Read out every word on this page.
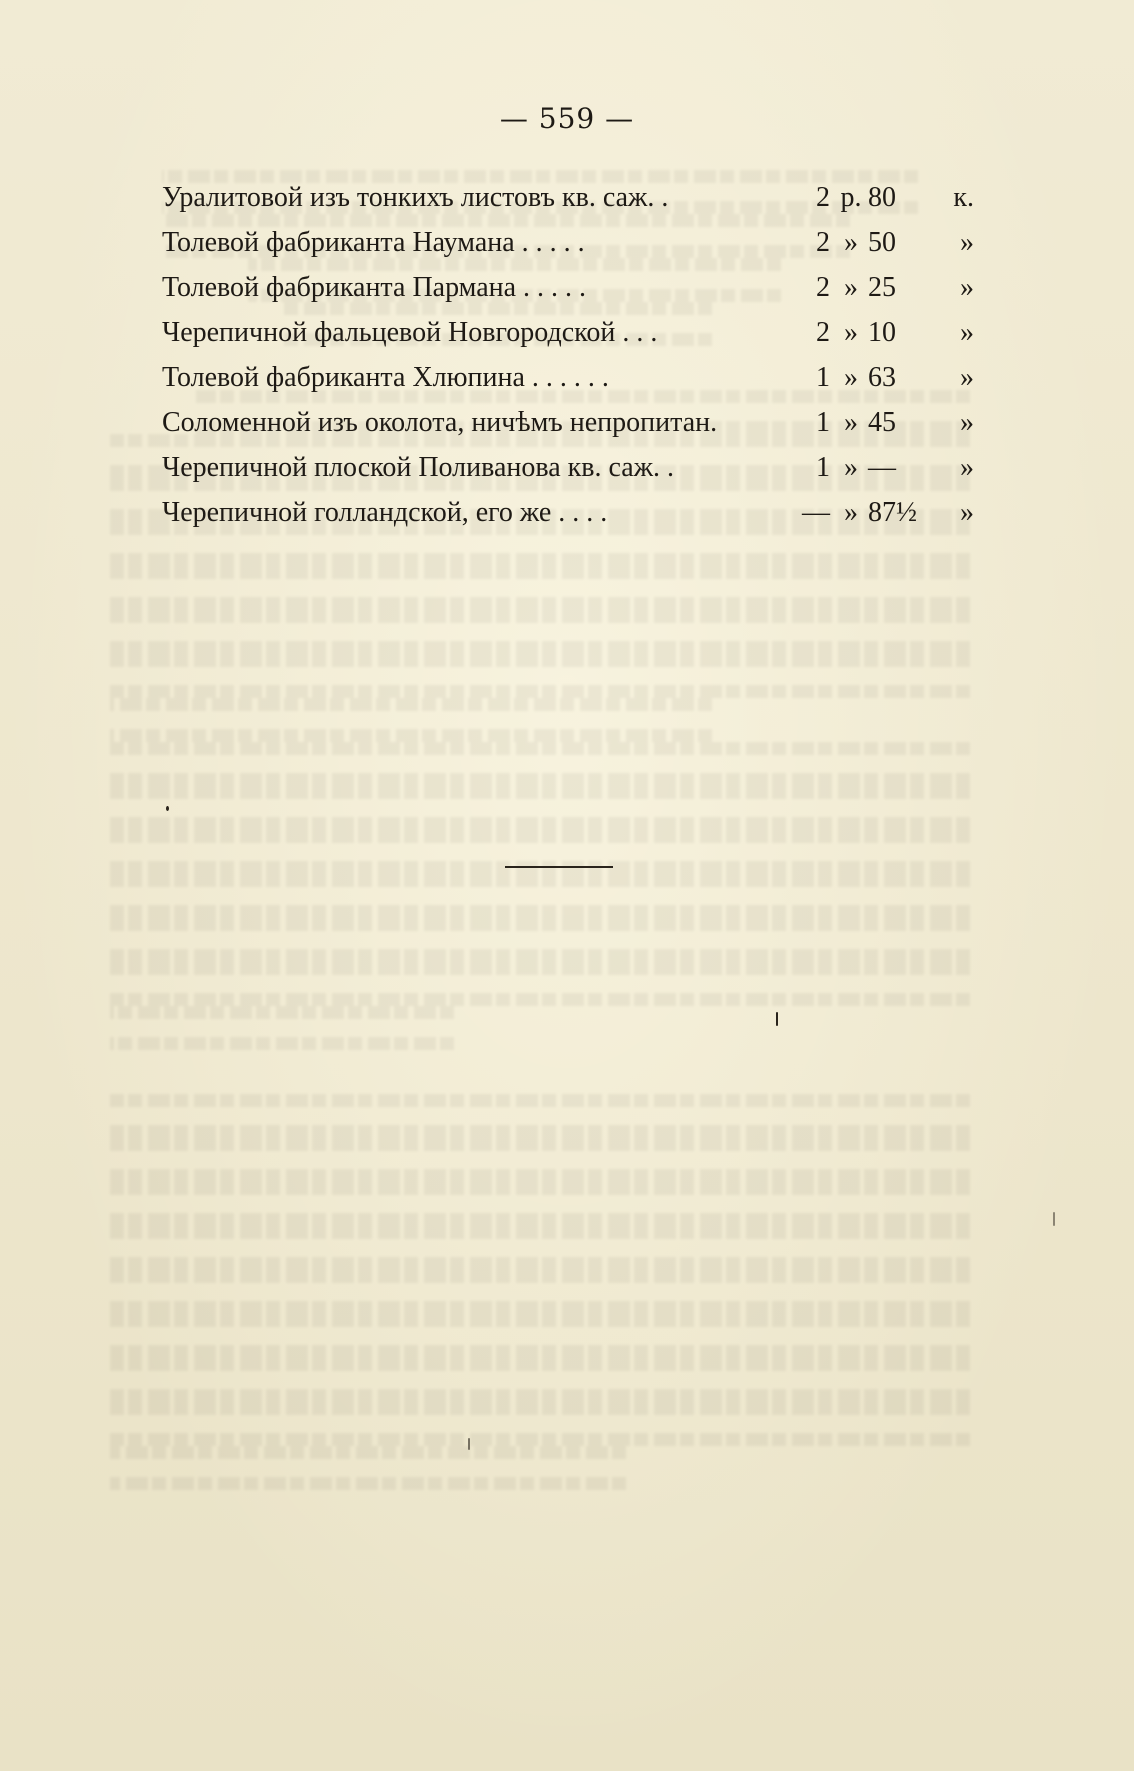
— 559 —
Уралитовой изъ тонкихъ листовъ кв. саж. .	2 р. 80	к.
Толевой фабриканта Наумана . . . . .	2 » 50	»
Толевой фабриканта Пармана . . . . .	2 » 25	»
Черепичной фальцевой Новгородской . . .	2 » 10	»
Толевой фабриканта Хлюпина . . . . . .	1 » 63	»
Соломенной изъ околота, ничѣмъ непропитан.	1 » 45	»
Черепичной плоской Поливанова кв. саж. .	1 » —	»
Черепичной голландской, его же . . . .	— » 87½	»
